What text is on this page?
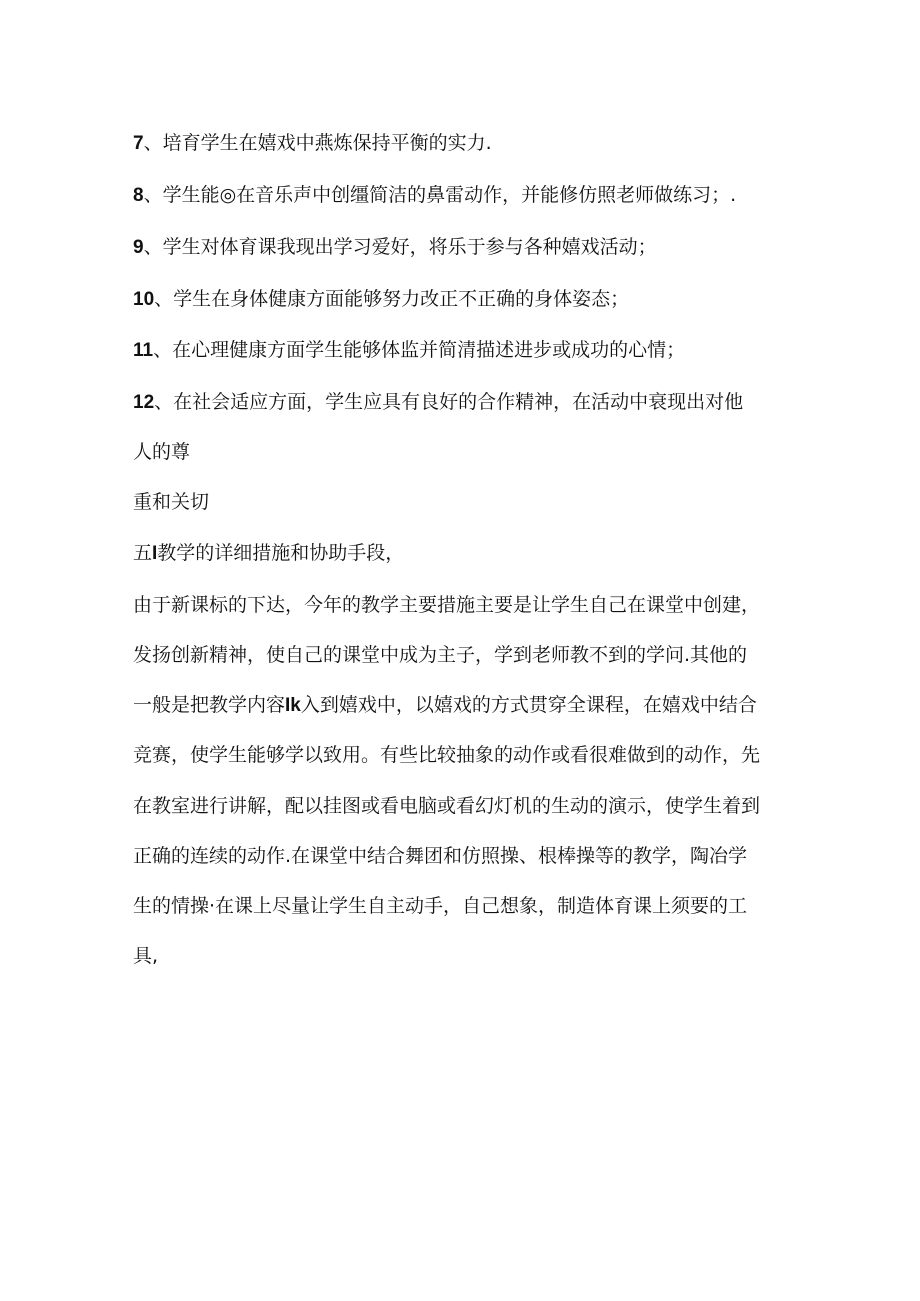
7、培育学生在嬉戏中燕炼保持平衡的实力.
8、学生能◎在音乐声中创缰简洁的鼻雷动作，并能修仿照老师做练习；.
9、学生对体育课我现出学习爱好，将乐于参与各种嬉戏活动；
10、学生在身体健康方面能够努力改正不正确的身体姿态；
11、在心理健康方面学生能够体监并简清描述进步或成功的心情；
12、在社会适应方面，学生应具有良好的合作精神，在活动中衰现出对他
人的尊
重和关切
五I教学的详细措施和协助手段，
由于新课标的下达，今年的教学主要措施主要是让学生自己在课堂中创建，
发扬创新精神，使自己的课堂中成为主子，学到老师教不到的学问.其他的
一般是把教学内容Ik入到嬉戏中，以嬉戏的方式贯穿全课程，在嬉戏中结合
竞赛，使学生能够学以致用。有些比较抽象的动作或看很难做到的动作，先
在教室进行讲解，配以挂图或看电脑或看幻灯机的生动的演示，使学生着到
正确的连续的动作.在课堂中结合舞团和仿照操、根棒操等的教学，陶冶学
生的情操·在课上尽量让学生自主动手，自己想象，制造体育课上须要的工
具,
